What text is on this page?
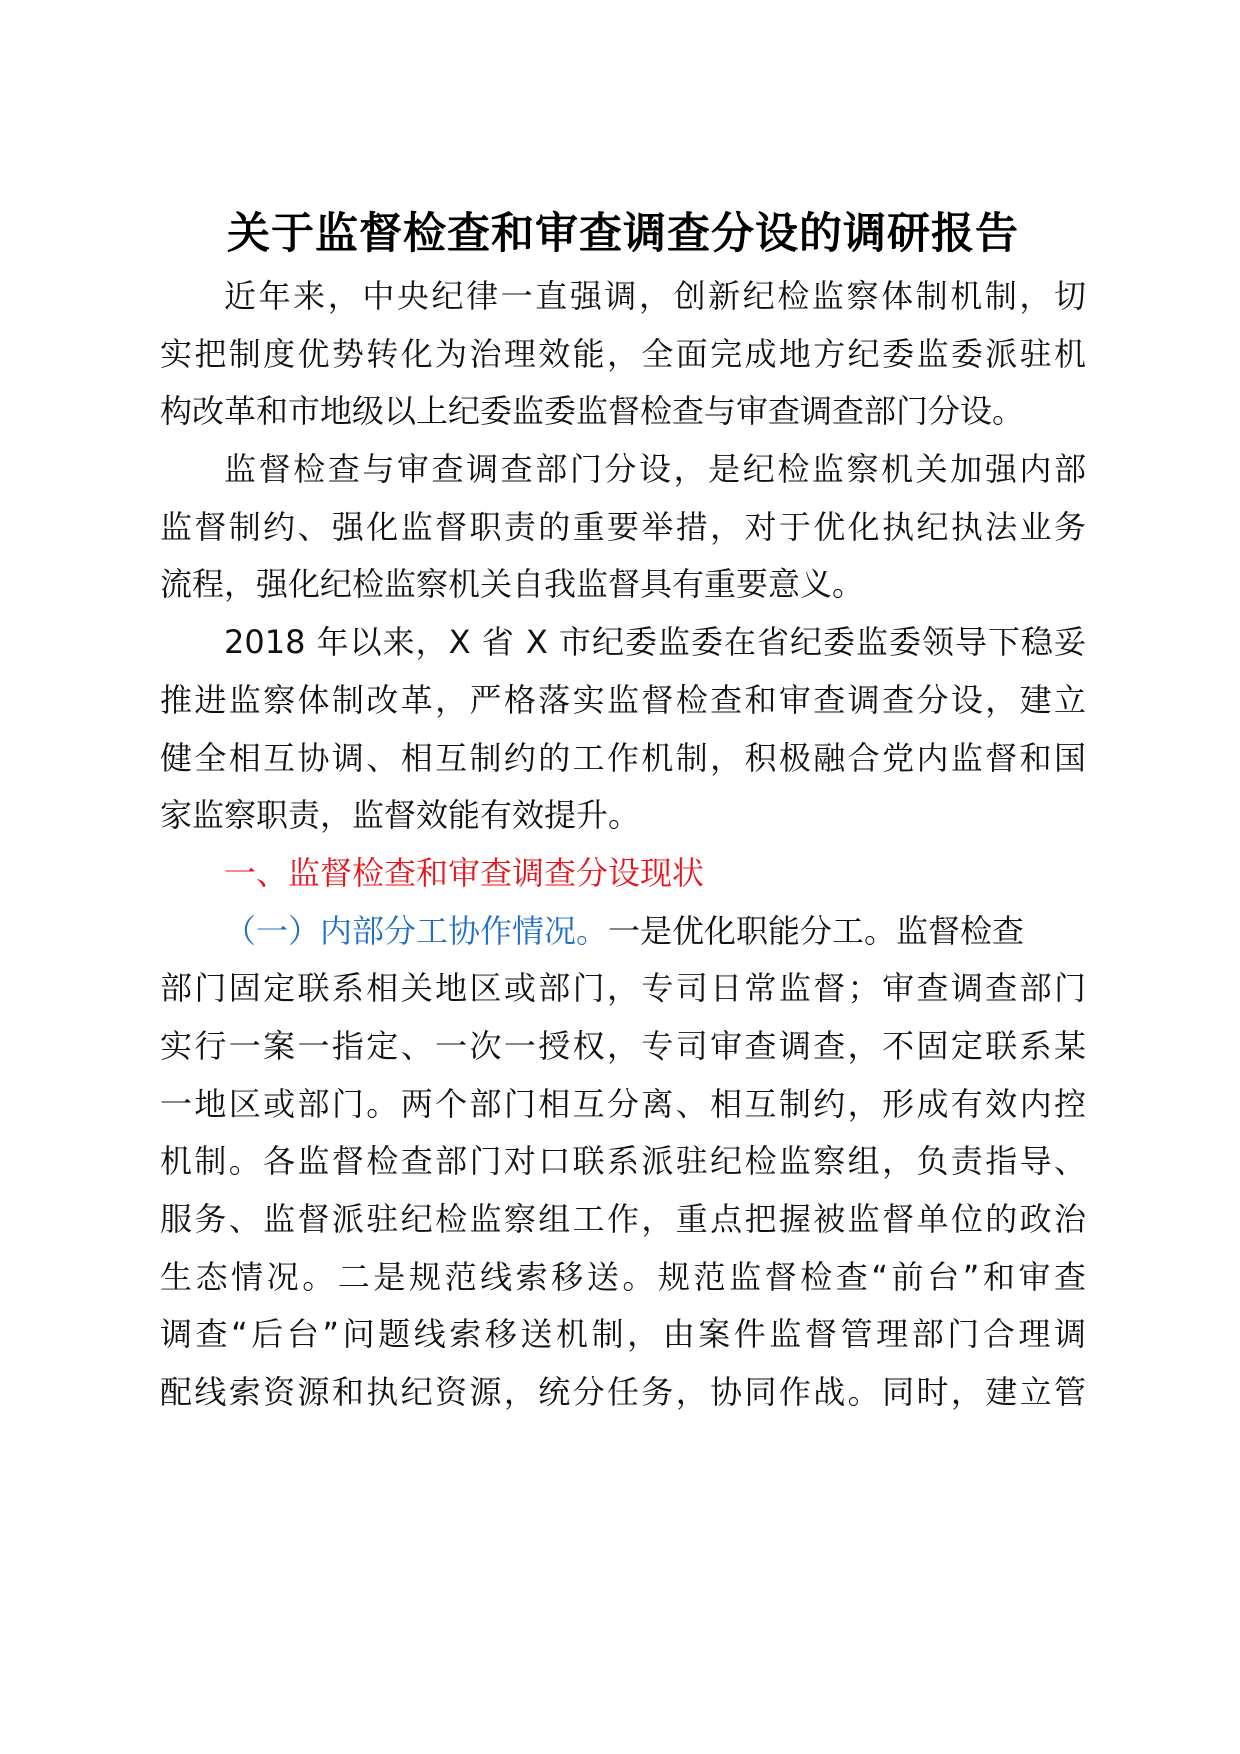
关于监督检查和审查调查分设的调研报告
近年来，中央纪律一直强调，创新纪检监察体制机制，切
实把制度优势转化为治理效能，全面完成地方纪委监委派驻机
构改革和市地级以上纪委监委监督检查与审查调查部门分设。
监督检查与审查调查部门分设，是纪检监察机关加强内部
监督制约、强化监督职责的重要举措，对于优化执纪执法业务
流程，强化纪检监察机关自我监督具有重要意义。
2018 年以来，X 省 X 市纪委监委在省纪委监委领导下稳妥
推进监察体制改革，严格落实监督检查和审查调查分设，建立
健全相互协调、相互制约的工作机制，积极融合党内监督和国
家监察职责，监督效能有效提升。
一、监督检查和审查调查分设现状
（一）内部分工协作情况。一是优化职能分工。监督检查
部门固定联系相关地区或部门，专司日常监督；审查调查部门
实行一案一指定、一次一授权，专司审查调查，不固定联系某
一地区或部门。两个部门相互分离、相互制约，形成有效内控
机制。各监督检查部门对口联系派驻纪检监察组，负责指导、
服务、监督派驻纪检监察组工作，重点把握被监督单位的政治
生态情况。二是规范线索移送。规范监督检查“前台”和审查
调查“后台”问题线索移送机制，由案件监督管理部门合理调
配线索资源和执纪资源，统分任务，协同作战。同时，建立管
